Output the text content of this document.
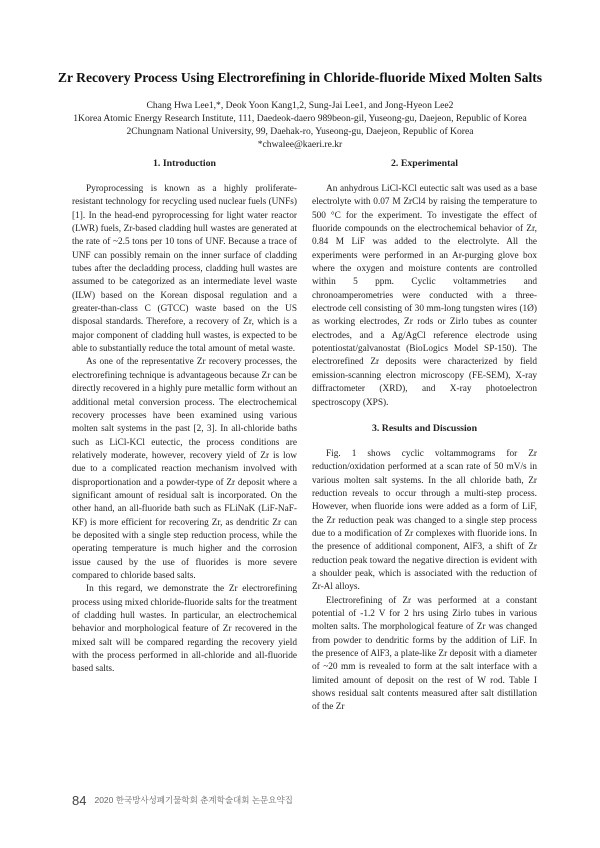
Zr Recovery Process Using Electrorefining in Chloride-fluoride Mixed Molten Salts
Chang Hwa Lee1,*, Deok Yoon Kang1,2, Sung-Jai Lee1, and Jong-Hyeon Lee2
1Korea Atomic Energy Research Institute, 111, Daedeok-daero 989beon-gil, Yuseong-gu, Daejeon, Republic of Korea
2Chungnam National University, 99, Daehak-ro, Yuseong-gu, Daejeon, Republic of Korea
*chwalee@kaeri.re.kr
1. Introduction

Pyroprocessing is known as a highly proliferate-resistant technology for recycling used nuclear fuels (UNFs) [1]. In the head-end pyroprocessing for light water reactor (LWR) fuels, Zr-based cladding hull wastes are generated at the rate of ~2.5 tons per 10 tons of UNF. Because a trace of UNF can possibly remain on the inner surface of cladding tubes after the decladding process, cladding hull wastes are assumed to be categorized as an intermediate level waste (ILW) based on the Korean disposal regulation and a greater-than-class C (GTCC) waste based on the US disposal standards. Therefore, a recovery of Zr, which is a major component of cladding hull wastes, is expected to be able to substantially reduce the total amount of metal waste.

As one of the representative Zr recovery processes, the electrorefining technique is advantageous because Zr can be directly recovered in a highly pure metallic form without an additional metal conversion process. The electrochemical recovery processes have been examined using various molten salt systems in the past [2, 3]. In all-chloride baths such as LiCl-KCl eutectic, the process conditions are relatively moderate, however, recovery yield of Zr is low due to a complicated reaction mechanism involved with disproportionation and a powder-type of Zr deposit where a significant amount of residual salt is incorporated. On the other hand, an all-fluoride bath such as FLiNaK (LiF-NaF-KF) is more efficient for recovering Zr, as dendritic Zr can be deposited with a single step reduction process, while the operating temperature is much higher and the corrosion issue caused by the use of fluorides is more severe compared to chloride based salts.

In this regard, we demonstrate the Zr electrorefining process using mixed chloride-fluoride salts for the treatment of cladding hull wastes. In particular, an electrochemical behavior and morphological feature of Zr recovered in the mixed salt will be compared regarding the recovery yield with the process performed in all-chloride and all-fluoride based salts.

2. Experimental

An anhydrous LiCl-KCl eutectic salt was used as a base electrolyte with 0.07 M ZrCl4 by raising the temperature to 500 °C for the experiment. To investigate the effect of fluoride compounds on the electrochemical behavior of Zr, 0.84 M LiF was added to the electrolyte. All the experiments were performed in an Ar-purging glove box where the oxygen and moisture contents are controlled within 5 ppm. Cyclic voltammetries and chronoamperometries were conducted with a three-electrode cell consisting of 30 mm-long tungsten wires (1Ø) as working electrodes, Zr rods or Zirlo tubes as counter electrodes, and a Ag/AgCl reference electrode using potentiostat/galvanostat (BioLogics Model SP-150). The electrorefined Zr deposits were characterized by field emission-scanning electron microscopy (FE-SEM), X-ray diffractometer (XRD), and X-ray photoelectron spectroscopy (XPS).

3. Results and Discussion

Fig. 1 shows cyclic voltammograms for Zr reduction/oxidation performed at a scan rate of 50 mV/s in various molten salt systems. In the all chloride bath, Zr reduction reveals to occur through a multi-step process. However, when fluoride ions were added as a form of LiF, the Zr reduction peak was changed to a single step process due to a modification of Zr complexes with fluoride ions. In the presence of additional component, AlF3, a shift of Zr reduction peak toward the negative direction is evident with a shoulder peak, which is associated with the reduction of Zr-Al alloys.

Electrorefining of Zr was performed at a constant potential of -1.2 V for 2 hrs using Zirlo tubes in various molten salts. The morphological feature of Zr was changed from powder to dendritic forms by the addition of LiF. In the presence of AlF3, a plate-like Zr deposit with a diameter of ~20 mm is revealed to form at the salt interface with a limited amount of deposit on the rest of W rod. Table I shows residual salt contents measured after salt distillation of the Zr

84 2020 한국방사성폐기물학회 춘계학술대회 논문요약집
